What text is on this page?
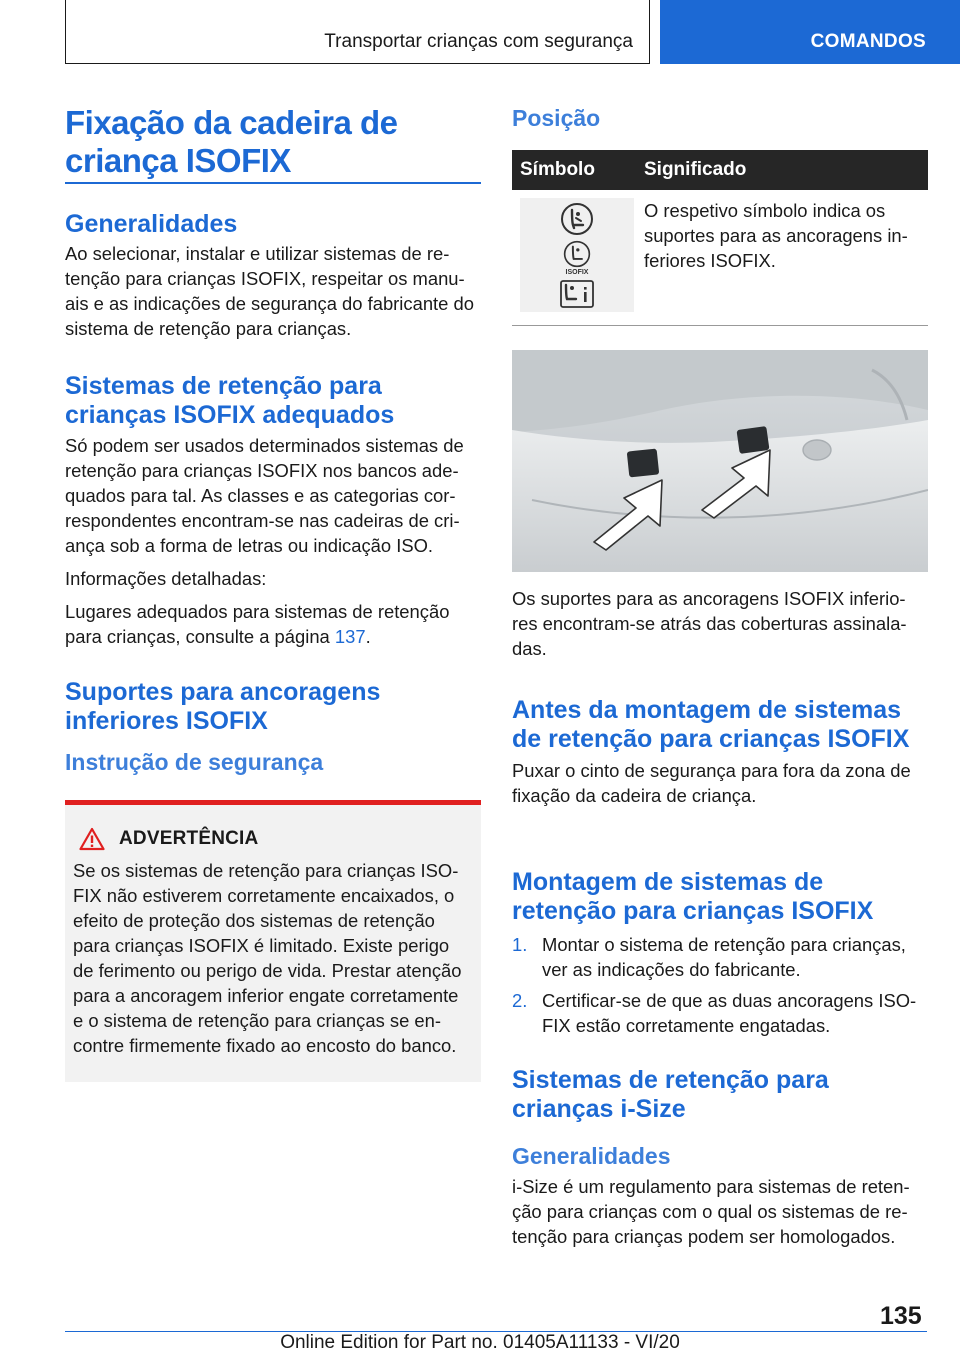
Transportar crianças com segurança	COMANDOS
Fixação da cadeira de criança ISOFIX
Generalidades

Ao selecionar, instalar e utilizar sistemas de re-tenção para crianças ISOFIX, respeitar os manu-ais e as indicações de segurança do fabricante do sistema de retenção para crianças.

Sistemas de retenção para crianças ISOFIX adequados

Só podem ser usados determinados sistemas de retenção para crianças ISOFIX nos bancos ade-quados para tal. As classes e as categorias cor-respondentes encontram-se nas cadeiras de cri-ança sob a forma de letras ou indicação ISO.

Informações detalhadas:

Lugares adequados para sistemas de retenção para crianças, consulte a página 137.

Suportes para ancoragens inferiores ISOFIX
Instrução de segurança
ADVERTÊNCIA

Se os sistemas de retenção para crianças ISO-FIX não estiverem corretamente encaixados, o efeito de proteção dos sistemas de retenção para crianças ISOFIX é limitado. Existe perigo de ferimento ou perigo de vida. Prestar atenção para a ancoragem inferior engate corretamente e o sistema de retenção para crianças se en-contre firmemente fixado ao encosto do banco.

Posição
Símbolo	Significado
ISOFIX

O respetivo símbolo indica os suportes para as ancoragens in-feriores ISOFIX.

Os suportes para as ancoragens ISOFIX inferio-res encontram-se atrás das coberturas assinala-das.

Antes da montagem de sistemas de retenção para crianças ISOFIX

Puxar o cinto de segurança para fora da zona de fixação da cadeira de criança.

Montagem de sistemas de retenção para crianças ISOFIX
1. Montar o sistema de retenção para crianças, ver as indicações do fabricante.
2. Certificar-se de que as duas ancoragens ISO-FIX estão corretamente engatadas.
Sistemas de retenção para crianças i-Size
Generalidades

i-Size é um regulamento para sistemas de reten-ção para crianças com o qual os sistemas de re-tenção para crianças podem ser homologados.

135
Online Edition for Part no. 01405A11133 - VI/20
